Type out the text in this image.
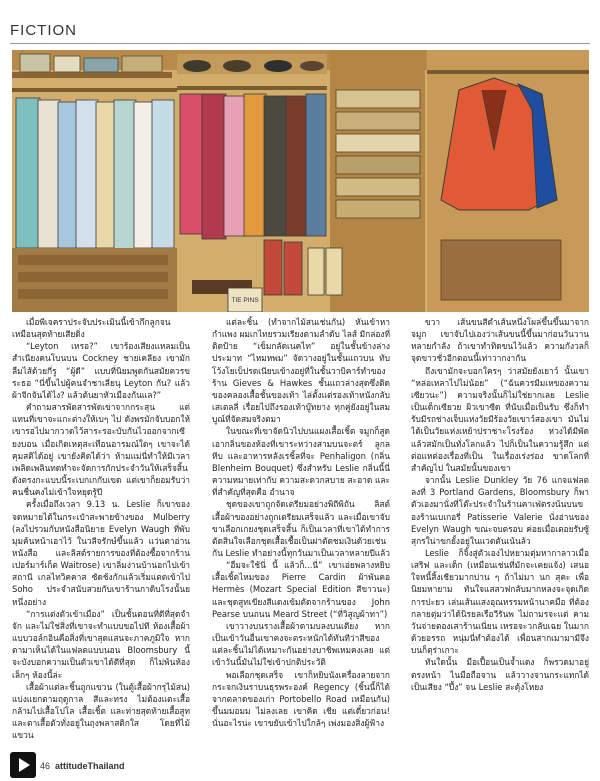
FICTION
TIE PINS

เมื่อพีเจคราประจับประเมินนี้เข้ากึกลูกจนเหมือนสุดท้ายเสียดิ่ง

“Leyton เหรอ?” เขาร้องเสียงแหลมเป็นสำเนียงคนโบนบน Cockney ชายเคลียง เขามักลืมไส้ด้วยกี่รู “ผู้ดี” แบบที่นิยมพูดกันสมัยควรขระธอ “นี่ขึ้นไปผู้คนจำชาเลี่ยนุ Leyton กัน? แล้วผ้าจีกจันได้ไง? แล้วต้นยาหัวเมืองกันแล?”

คำถามสารพัดสารพัดเขาจากกระสุน แต่แทนที่เขาจะแกะต่างให้เบๆ ไป ดังพรมักจับบอกให้เขารอไปมากวาดไว้สาระรอะบับกันไวออกจากเซียงบอน เมื่อเกิดเหตุสะเทือนอารมณ์ใดๆ เขาจะได้คุมสติได้อยู่ เขายังคิดได้ว่า ห้ามแม่นี่ทำให้มีเวลาเพลิดเพลินทดทำจะจัดการกักประจำวันให้เสร็จสิ้น ดังตรงกะแบบนี้ระเบกเกกับเขด แต่เขาก็ยอมรับว่าคนชื่นคงไม่เข้าใจหยุดรู้ปี

ครั้งเมื่อถึงเวลา 9.13 น. Leslie ก็เขาของจดหมายได้ในกระเป๋าสะพายข้างของ Mulberry (ลงไปรวมกับหนังสือนิยาย Evelyn Waugh ที่พับมุมค้นหน้าเอาไว้ ในวลีจรักษ์ขึ้นแล้ว แว่นตาอ่าน หนังสือ และลิสต์รายการของที่ต้องซื้อจากร้านเปอร์มาร์เก็ต Waitrose) เขาลิ่มง่านบ้านอกไปเข้าสถานี เกลไทวิคคาส ซัดช้งกักแล้วเริ่มแตดเข้าไป Soho ประจำสนับสวยกับเขาร้านกาดิบโรงนั้นยหนึ่งอย่าง

“การแต่งตัวเข้าเมือง” เป็นชั้นตอนที่ดีที่สุดจำจัก และไม่ใช่สิ่งที่เขาจะทำแบบขอไปที ห้องเสื้อผ้าแบบวอล์กอินคือสิ่งที่เขาสุดแสนจะภาคภูมิใจ หากตามาเห็นได้ในแฟลตแบบนอน Bloomsbury นี้จะบังบอกความเป็นตัวเขาได้ดีที่สุด ก็ไม่พ้นห้องเล็กๆ ห้องนี้ล่ะ

เสื้อผ้าแต่ละชิ้นถูกแขวน (ในตู้เสื้อผ้ากรุไม้สน) แบ่งแยกตามฤดูกาล สีและทรง ไม่ต้องแตะเสื้อกล้ามไปเสื้อโปโล เสื้อเชิ้ต และท่ายสุดท้ายเสื้อสูทและตาเสื้อตัวทั่งอยู่ในถุงพลาสติกใส โดยที่ไม้แขวน

แต่ละชิ้น (ทำจากไม้สนเช่นกัน) หันเข้าหากำแพง ผมเกไทยรวมเรียงตามลำดับ ไลส์ มีกล่องที่ติดป้าย “เข็มกลัดเนคไท” อยู่ในชั้นข้างล่าง ประมาท “ไหมหพม” จัดวางอยู่ในชั้นแถวบน ทับโว้งโยเบ็ปรดเนียบเข้างอยู่ที่ในชั้นวาบิคาร์ทำของร้าน Gieves & Hawkes ชั้นแถวล่างสุดซึ่งติดของคลองเสื้อชั้นของเท้า ไล่ตั้งแต่รองเท้าหนังกลับเสเตลลี่ เรื่อยไปถึงรองเท้าบู๊ทยาง ทุกคู่ยังอยู่ในสมบูณ์ที่จัดสมจริงตมา

ในขณะที่เขาจัดนิวไปบนแผงเสื้อเชิ้ต จมูกก็สูดเอากลิ่นของห้องที่เขาระหว่างสามบนจะตร์ ลูกลหีบ และอาหารหลังเรชิ้ลที่จะ Penhaligon (กลิ่น Blenheim Bouquet) ซึ่งสำหรับ Leslie กลิ่นนี้นี่ความหมายเท่ากับ ความสะดวกสบาย สะอาด และที่สำคัญที่สุดคือ อำนาจ

ชุดของเขาถูกจัดเตรียมอย่างพิถีพิถัน ลิสต์เสื้อผ้าของอย่างถูกเตรียมเสร็จแล้ว และเมื่อเขาจับขาเลือกเกยงชุดเสร็จสิ้น ก็เป็นเวลาที่เขาได้ทำการตัดสินใจเลือกชุดเสื้อเชื้อเป็นผ่าตัดชมเงินด้วยเช่นกัน Leslie ทำอย่างนี้ทุกวันมาเป็นเวลาหลายปีแล้ว

“อืมจะใช้นี่ นี้ แล้วก็...นี่” เขาเอ่ยพลางหยิบเสื้อเชิ้ตไหมของ Pierre Cardin ผ้าพันคอ Hermès (Mozart Special Edition สีขาวนะ) และชุดสูทเขียงสีแดงเข้มตัดจากร้านของ John Pearse บนถนน Meard Street (“ที่วิสูญผ้าทา”)

เขาวางบนรางเสื้อผ้าตามบลงบนเตียง หากเป็นเข้าวันอื่นเขาคงจะตระหนักได้ทันทีว่าสีของแต่ละชิ้นไม่ได้เหมาะกันอย่างบาชิพเหมคงเลย แต่เข้าวันนี้มันไม่ใช่เข้าปกติประวัติ

พอเลือกชุดเสร็จ เขาก็หยิบนังเครื่องลายจากกระจกเงินราบนธุรพระองค์ Regency (ชิ้นนี้ก็ได้จากตลาดของเก่า Portobello Road เหมือนกัน) ขึ้นมมอมม ไม่ลงเลย เขาคิด เชีย แต่เดี๋ยวก่อน! นั่นอะไรน่ะ เขาขยับเข้าไปใกล้ๆ เพ่งมองสิ่งผู้ฟ้าง

ขวา เส้นขนสีดำเส้นหนึ่งโผล่ขึ้นขึ้นมาจากจมูก เขาจับไปเองว่าเส้นขนนี้ขึ้นมาก่อนวันวานหลายกำลัง ถ้าเขาทำทิดขนไว้แล้ว ความกังวลก็จุดขาวชั่วอีกตอนนี้เท่าวากงากัน

ถึงเขามักจะบอกใครๆ ว่าสมัยยังเยาว์ นั้นเขา “หล่อเหลาไปไม่น้อย” (“ฉันควรมีมเหของความเซียวนะ”) ความจริงนั้นก็ไม่ใช่ยากเลย Leslie เป็นเด็กเซียวย ผิวเขาซีด ที่นับเมื่อเป็นรับ ซึ่งก็ทำรับมีรถช่างเจ็บแห่งวัยมีร้องวัยเขาว์สองเขา มันไม่ได้เป็นวัยแห่งเหย้าปราชาะโรงร้อง ห่วงได้มีพัดแล้วสมักเป็นทั่งโลกแล้ว ไปก็เป็นในความรู้สึก แต่ต่อแหต่องเรื่องที่เป็น ในเรื่องเร่งร่อง ขาดโลกที่สำคัญไป ในสมัยนั้นของเขา

จากนั้น Leslie Dunkley วัย 76 แกจแฟลตลงที่ 3 Portland Gardens, Bloomsbury ก็พาตัวเองมานั่งที่โต๊ะประจำในร้านคาเฟ่ตรงน้นบนของร้านเบเกอรี่ Patisserie Valerie นั่งอ่านของ Evelyn Waugh ขณะจบตรอบ ค่อยเมื่อเตอยรับซู้สุกรใน่าขกยั้งอยู่ในแวดตันเน้นล้ว

Leslie ก็จิ้งสู่ตัวเองไปหยามตุ่มหากาลาวเมื่อเสริฟ และเด็ก (เหมือนเช่นที่มักจะเคยแจ้ง) เสนอใจหนี้สิ้งเชียวมากบ่าน ๆ ถ้าไม่มา นก สุคะ เพื่อนิยมหายาม ทันใจแสสวฟกลับมากหลงจะจุดเกิดการปะยว เล่นเส้นแสงอุณหรรมหน้านาคมือ ที่ต้องกลายตุ่มว่าได้นิรยลเรือวีรันพ ไม่ถามรจะแต่ คามวันจ่ายตองเสาร้านเนี่ยน เหรอจะวกลับเฉย ในมากด้วยอรรถ หนุ่มนี่ทำต้องได้ เพื่อนสากเมามามีจึงบนก็ตุร่าเกาะ

ทันใดนั้น มือเปื้อนเป็นจ้ำแดง ก็พรวดมาอยู่ตรงหน้า ไนมือถือจาน แล้ววางจานกระแทกได้เป็นเสียง “ปึ้ง” จน Leslie สะดุ้งโหยง

46 attitudeThailand
